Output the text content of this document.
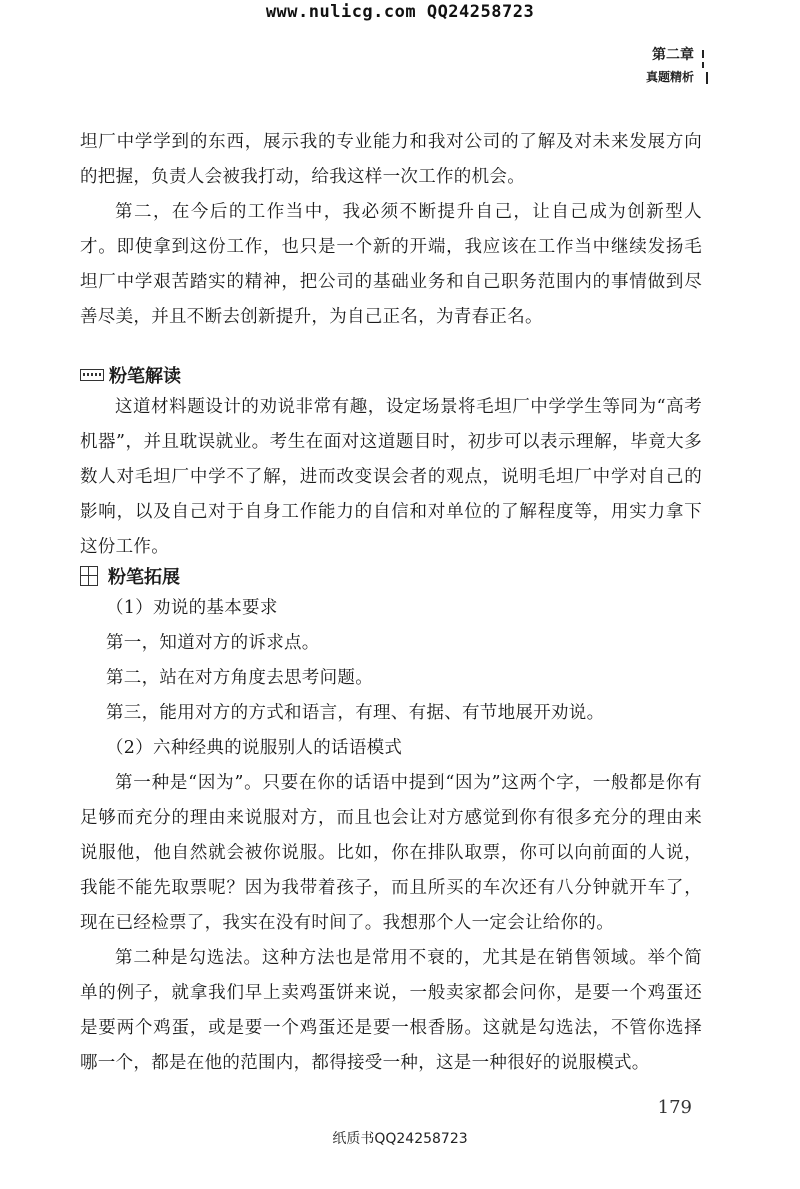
www.nulicg.com QQ24258723
第二章
真题精析
坦厂中学学到的东西，展示我的专业能力和我对公司的了解及对未来发展方向的把握，负责人会被我打动，给我这样一次工作的机会。
第二，在今后的工作当中，我必须不断提升自己，让自己成为创新型人才。即使拿到这份工作，也只是一个新的开端，我应该在工作当中继续发扬毛坦厂中学艰苦踏实的精神，把公司的基础业务和自己职务范围内的事情做到尽善尽美，并且不断去创新提升，为自己正名，为青春正名。
粉笔解读
这道材料题设计的劝说非常有趣，设定场景将毛坦厂中学学生等同为“高考机器”，并且耽误就业。考生在面对这道题目时，初步可以表示理解，毕竟大多数人对毛坦厂中学不了解，进而改变误会者的观点，说明毛坦厂中学对自己的影响，以及自己对于自身工作能力的自信和对单位的了解程度等，用实力拿下这份工作。
粉笔拓展
（1）劝说的基本要求
第一，知道对方的诉求点。
第二，站在对方角度去思考问题。
第三，能用对方的方式和语言，有理、有据、有节地展开劝说。
（2）六种经典的说服别人的话语模式
第一种是“因为”。只要在你的话语中提到“因为”这两个字，一般都是你有足够而充分的理由来说服对方，而且也会让对方感觉到你有很多充分的理由来说服他，他自然就会被你说服。比如，你在排队取票，你可以向前面的人说，我能不能先取票呢？因为我带着孩子，而且所买的车次还有八分钟就开车了，现在已经检票了，我实在没有时间了。我想那个人一定会让给你的。
第二种是勾选法。这种方法也是常用不衰的，尤其是在销售领域。举个简单的例子，就拿我们早上卖鸡蛋饼来说，一般卖家都会问你，是要一个鸡蛋还是要两个鸡蛋，或是要一个鸡蛋还是要一根香肠。这就是勾选法，不管你选择哪一个，都是在他的范围内，都得接受一种，这是一种很好的说服模式。
179
纸质书QQ24258723
